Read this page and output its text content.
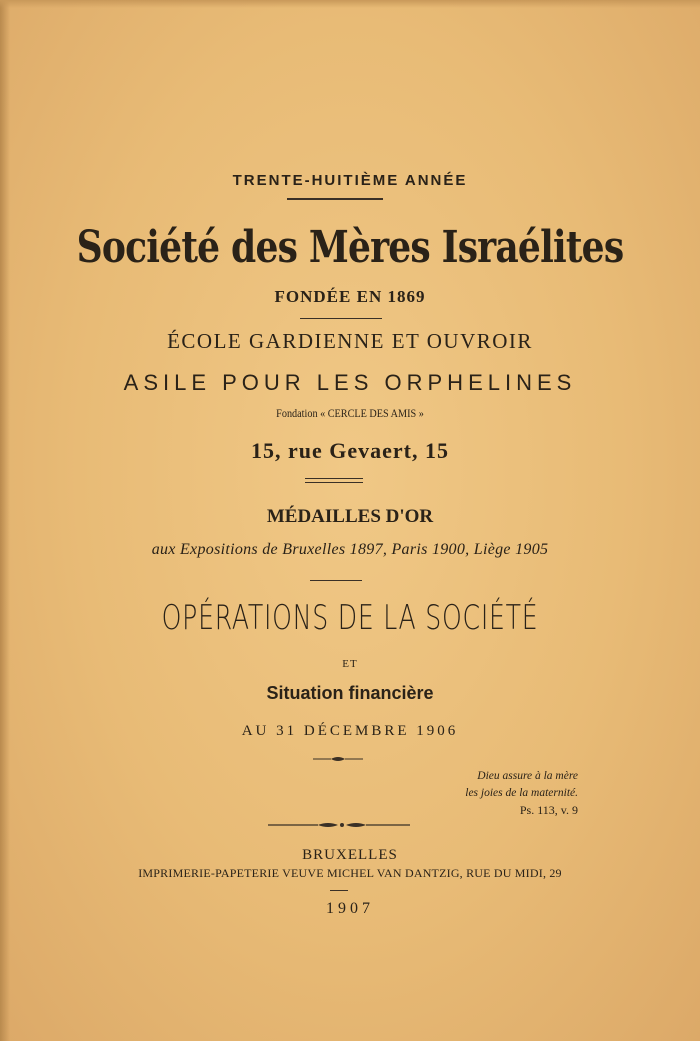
TRENTE-HUITIÈME ANNÉE
Société des Mères Israélites
FONDÉE EN 1869
ÉCOLE GARDIENNE ET OUVROIR
ASILE POUR LES ORPHELINES
Fondation « CERCLE DES AMIS »
15, rue Gevaert, 15
MÉDAILLES D'OR
aux Expositions de Bruxelles 1897, Paris 1900, Liège 1905
OPÉRATIONS DE LA SOCIÉTÉ
ET
Situation financière
AU 31 DÉCEMBRE 1906
Dieu assure à la mère
les joies de la maternité.
Ps. 113, v. 9
BRUXELLES
IMPRIMERIE-PAPETERIE VEUVE MICHEL VAN DANTZIG, RUE DU MIDI, 29
1907
